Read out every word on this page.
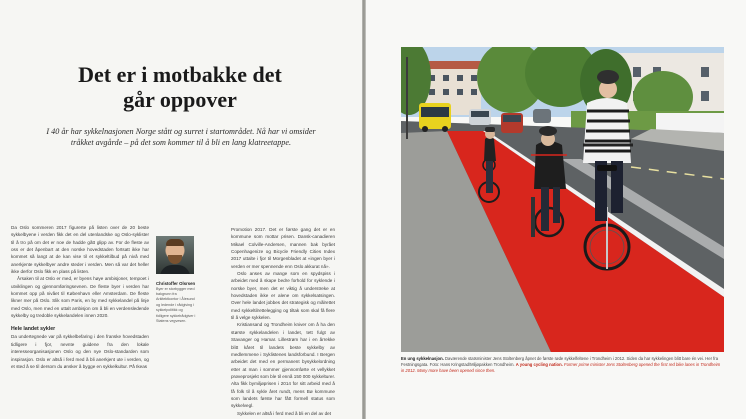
Det er i motbakke det
går oppover

I 40 år har sykkelnasjonen Norge stått og surret i startområdet. Nå har vi omsider tråkket avgårde – på det som kommer til å bli en lang klatreetappe.

Da Oslo sommeren 2017 figurerte på listen over de 20 beste sykkelbyene i verden fikk det en del utenlandske og Oslo-syklister til å tro på om det er noe de hadde gått glipp av. For de fleste av oss er det åpenbart at den norske hovedstaden fortsatt ikke har kommet så langt at de kan vise til et sykkeltilbud på nivå med anerkjente sykkelbyer andre steder i verden. Men så var det heller ikke derfor Oslo fikk en plass på listen.

Årsaken til at Oslo er med, er byens høye ambisjoner, tempoet i utviklingen og gjennomføringsevnen. De fleste byer i verden har kommet opp på nivået til København eller Amsterdam. De fleste likner mer på Oslo. Slik som Paris, en by med sykkelandel på linje med Oslo, men med en uttalt ambisjon om å bli en verdensledende sykkelby og tredoble sykkelandelen innen 2020.

Hele landet sykler

Da undertegnede var på sykkelbefaring i den franske hovedstaden tidligere i fjor, nevnte guidene fra den lokale interesseorganisasjonen Oslo og den nye Oslo-standarden som inspirasjon. Oslo er altså i ferd med å bli anerkjent ute i verden, og et sted å se til dersom du ønsker å bygge en sykkelkultur. På Ikeas

Christoffer Olsrsen
Byer er storbygger med bakgrunn fra Arkitektkontor i Ålesund og ledende i rådgiving i sykkelpolitikk og tidligere sykkelrådgiver i Statens vegvesen.

Promotion 2017. Det er første gang det er en kommune som mottar prisen. Dansk-canadieren Mikael Colville-Andersen, mannen bak byrået Copenhagenize og Bicycle Friendly Cities Index 2017 uttalte i fjor til Morgenbladet at «ingen byer i verden er mer spennende enn Oslo akkurat nå».

Oslo anses av mange som en spydspiss i arbeidet med å skape bedre forhold for syklende i norske byer, men det er viktig å understreke at hovedstaden ikke er alene om sykkelsatsingen. Over hele landet jobbes det strategisk og målrettet med sykkeltilrettelegging og tiltak som skal få flere til å velge sykkelen.

Kristiansand og Trondheim kniver om å ha den største sykkelandelen i landet, tett fulgt av Stavanger og Hamar. Lillestrøm har i en årrekke blitt kåret til landets beste sykkelby av medlemmene i Syklistenes landsforbund. I Bergen arbeidet det med en permanent bysykkelordning etter at man i sommer gjennomførte et vellykket prøveprosjekt som ble til ennå 150 000 sykkelturer. Alta fikk bymiljøprisen i 2014 for sitt arbeid med å få folk til å sykle året rundt, mens Bø kommune som landets første har fått formell status som sykkelvegl.

Sykkelen er altså i ferd med å bli en del av det

En ung sykkelnasjon. Daværende statsminister Jens Stoltenberg åpnet de første røde sykkelfeltene i Trondheim i 2012. Siden da har sykkelingen blitt bare én vei. Her fra Festningsgata. Foto: Hans Kringstad/Miljøpakken Trondheim. A young cycling nation. Former prime minister Jens Stoltenberg opened the first red bike lanes in Trondheim in 2012. Many more have been opened since then.
